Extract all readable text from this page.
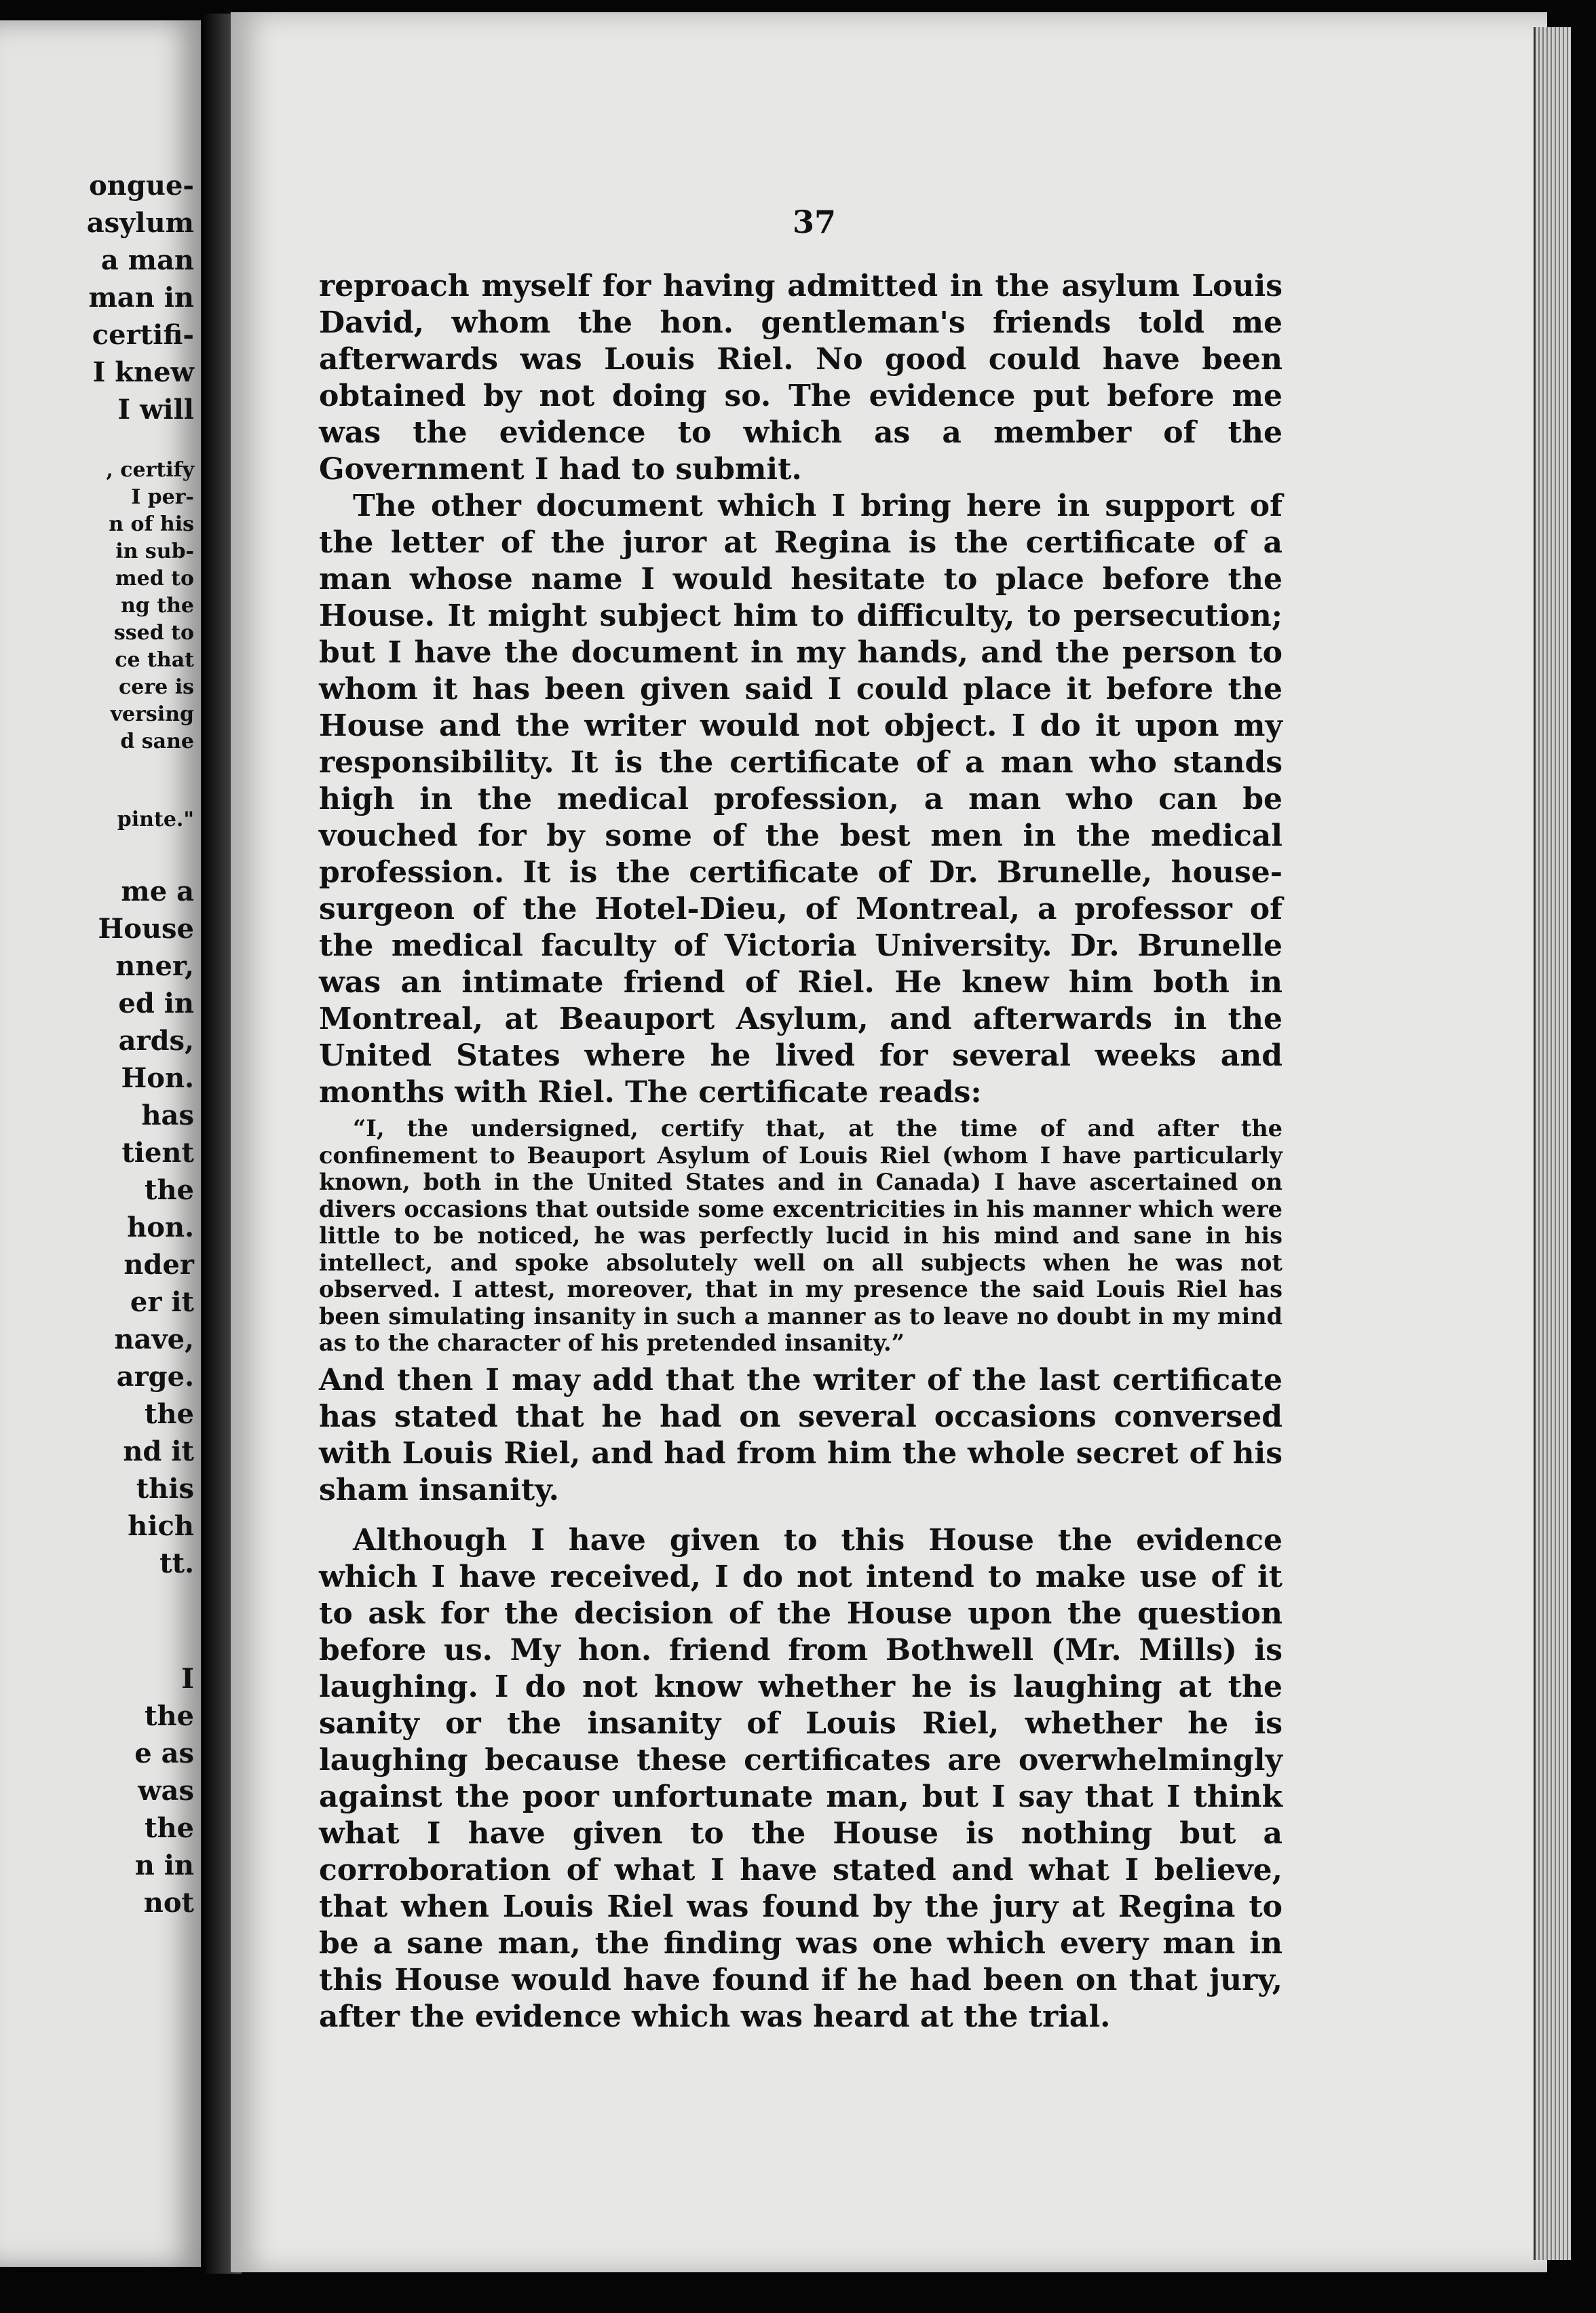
ongue-
asylum
a man
man in
certifi-
I knew
I will
, certify
I per-
n of his
in sub-
med to
ng the
ssed to
ce that
cere is
versing
d sane
pinte."
me a
House
nner,
ed in
ards,
Hon.
has
tient
the
hon.
nder
er it
nave,
arge.
the
nd it
this
hich
tt.
I
the
e as
was
the
n in
not
37

reproach myself for having admitted in the asylum Louis David, whom the hon. gentleman's friends told me afterwards was Louis Riel. No good could have been obtained by not doing so. The evidence put before me was the evidence to which as a member of the Government I had to submit.

The other document which I bring here in support of the letter of the juror at Regina is the certificate of a man whose name I would hesitate to place before the House. It might subject him to difficulty, to persecution; but I have the document in my hands, and the person to whom it has been given said I could place it before the House and the writer would not object. I do it upon my responsibility. It is the certificate of a man who stands high in the medical profession, a man who can be vouched for by some of the best men in the medical profession. It is the certificate of Dr. Brunelle, house-surgeon of the Hotel-Dieu, of Montreal, a professor of the medical faculty of Victoria University. Dr. Brunelle was an intimate friend of Riel. He knew him both in Montreal, at Beauport Asylum, and afterwards in the United States where he lived for several weeks and months with Riel. The certificate reads:

“I, the undersigned, certify that, at the time of and after the confinement to Beauport Asylum of Louis Riel (whom I have particularly known, both in the United States and in Canada) I have ascertained on divers occasions that outside some excentricities in his manner which were little to be noticed, he was perfectly lucid in his mind and sane in his intellect, and spoke absolutely well on all subjects when he was not observed. I attest, moreover, that in my presence the said Louis Riel has been simulating insanity in such a manner as to leave no doubt in my mind as to the character of his pretended insanity.”

And then I may add that the writer of the last certificate has stated that he had on several occasions conversed with Louis Riel, and had from him the whole secret of his sham insanity.

Although I have given to this House the evidence which I have received, I do not intend to make use of it to ask for the decision of the House upon the question before us. My hon. friend from Bothwell (Mr. Mills) is laughing. I do not know whether he is laughing at the sanity or the insanity of Louis Riel, whether he is laughing because these certificates are overwhelmingly against the poor unfortunate man, but I say that I think what I have given to the House is nothing but a corroboration of what I have stated and what I believe, that when Louis Riel was found by the jury at Regina to be a sane man, the finding was one which every man in this House would have found if he had been on that jury, after the evidence which was heard at the trial.
